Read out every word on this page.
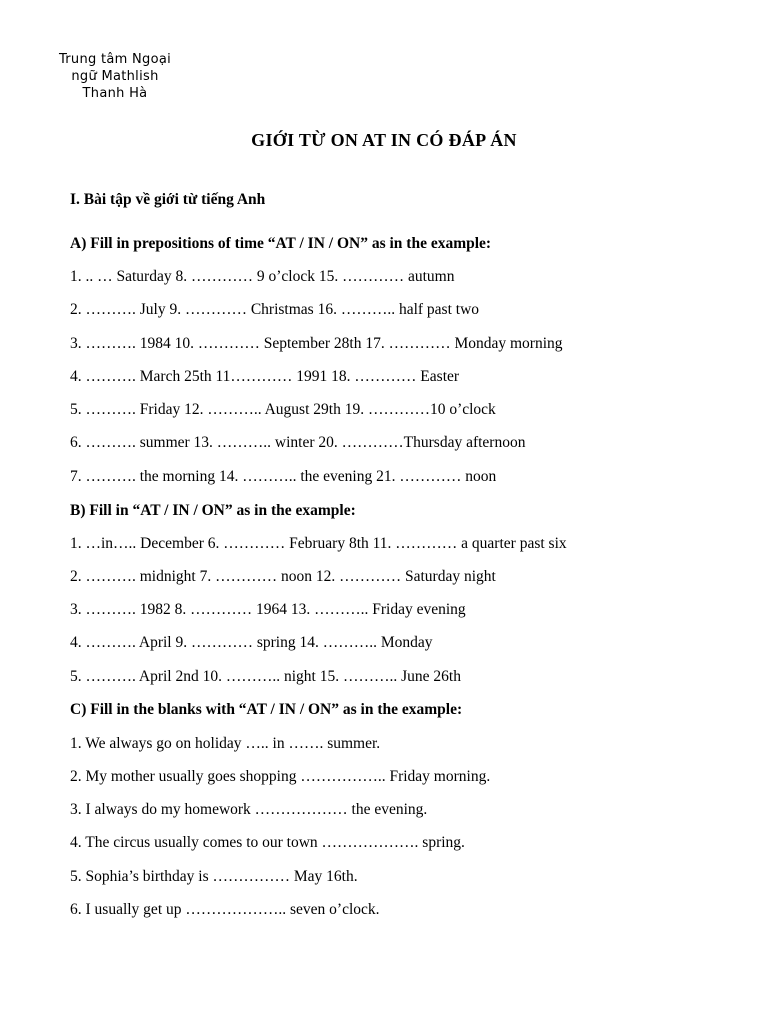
Trung tâm Ngoại
ngữ Mathlish
Thanh Hà
GIỚI TỪ ON AT IN CÓ ĐÁP ÁN
I. Bài tập về giới từ tiếng Anh
A) Fill in prepositions of time “AT / IN / ON” as in the example:
1. .. … Saturday 8. ………… 9 o’clock 15. ………… autumn
2. ………. July 9. ………… Christmas 16. ……….. half past two
3. ………. 1984 10. ………… September 28th 17. ………… Monday morning
4. ………. March 25th 11………… 1991 18. ………… Easter
5. ………. Friday 12. ……….. August 29th 19. …………10 o’clock
6. ………. summer 13. ……….. winter 20. …………Thursday afternoon
7. ………. the morning 14. ……….. the evening 21. ………… noon
B) Fill in “AT / IN / ON” as in the example:
1. …in….. December 6. ………… February 8th 11. ………… a quarter past six
2. ………. midnight 7. ………… noon 12. ………… Saturday night
3. ………. 1982 8. ………… 1964 13. ……….. Friday evening
4. ………. April 9. ………… spring 14. ……….. Monday
5. ………. April 2nd 10. ……….. night 15. ……….. June 26th
C) Fill in the blanks with “AT / IN / ON” as in the example:
1. We always go on holiday ….. in ……. summer.
2. My mother usually goes shopping …………….. Friday morning.
3. I always do my homework ……………… the evening.
4. The circus usually comes to our town ………………. spring.
5. Sophia’s birthday is …………… May 16th.
6. I usually get up ……………….. seven o’clock.
